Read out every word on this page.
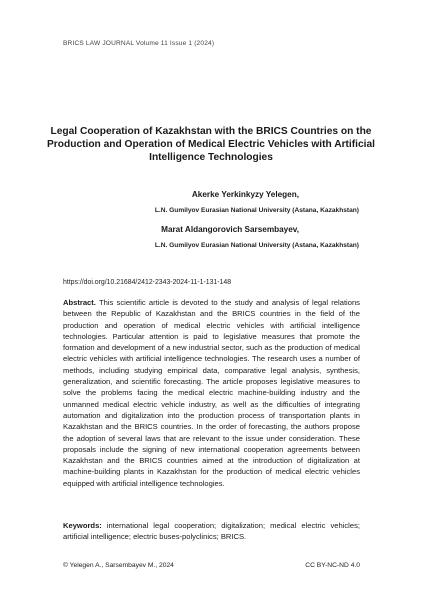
BRICS LAW JOURNAL Volume 11 Issue 1 (2024)
Legal Cooperation of Kazakhstan with the BRICS Countries on the Production and Operation of Medical Electric Vehicles with Artificial Intelligence Technologies
Akerke Yerkinkyzy Yelegen,
L.N. Gumilyov Eurasian National University (Astana, Kazakhstan)
Marat Aldangorovich Sarsembayev,
L.N. Gumilyov Eurasian National University (Astana, Kazakhstan)
https://doi.org/10.21684/2412-2343-2024-11-1-131-148
Abstract. This scientific article is devoted to the study and analysis of legal relations between the Republic of Kazakhstan and the BRICS countries in the field of the production and operation of medical electric vehicles with artificial intelligence technologies. Particular attention is paid to legislative measures that promote the formation and development of a new industrial sector, such as the production of medical electric vehicles with artificial intelligence technologies. The research uses a number of methods, including studying empirical data, comparative legal analysis, synthesis, generalization, and scientific forecasting. The article proposes legislative measures to solve the problems facing the medical electric machine-building industry and the unmanned medical electric vehicle industry, as well as the difficulties of integrating automation and digitalization into the production process of transportation plants in Kazakhstan and the BRICS countries. In the order of forecasting, the authors propose the adoption of several laws that are relevant to the issue under consideration. These proposals include the signing of new international cooperation agreements between Kazakhstan and the BRICS countries aimed at the introduction of digitalization at machine-building plants in Kazakhstan for the production of medical electric vehicles equipped with artificial intelligence technologies.
Keywords: international legal cooperation; digitalization; medical electric vehicles; artificial intelligence; electric buses-polyclinics; BRICS.
© Yelegen A., Sarsembayev M., 2024	CC BY-NC-ND 4.0
